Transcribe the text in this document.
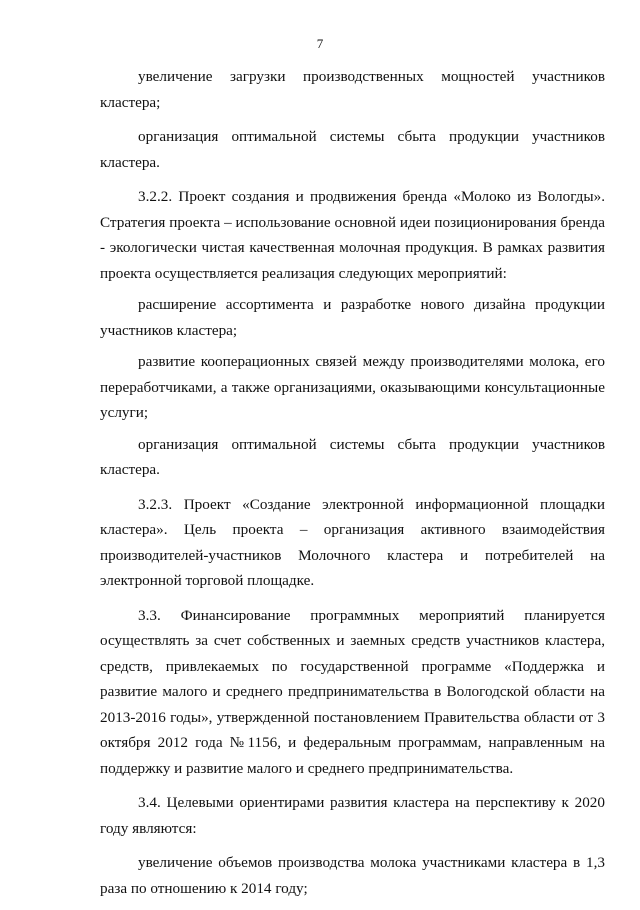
7

увеличение загрузки производственных мощностей участников кластера;

организация оптимальной системы сбыта продукции участников кластера.

3.2.2. Проект создания и продвижения бренда «Молоко из Вологды». Стратегия проекта – использование основной идеи позиционирования бренда - экологически чистая качественная молочная продукция. В рамках развития проекта осуществляется реализация следующих мероприятий:

расширение ассортимента и разработке нового дизайна продукции участников кластера;

развитие кооперационных связей между производителями молока, его переработчиками, а также организациями, оказывающими консультационные услуги;

организация оптимальной системы сбыта продукции участников кластера.

3.2.3. Проект «Создание электронной информационной площадки кластера». Цель проекта – организация активного взаимодействия производителей-участников Молочного кластера и потребителей на электронной торговой площадке.

3.3. Финансирование программных мероприятий планируется осуществлять за счет собственных и заемных средств участников кластера, средств, привлекаемых по государственной программе «Поддержка и развитие малого и среднего предпринимательства в Вологодской области на 2013-2016 годы», утвержденной постановлением Правительства области от 3 октября 2012 года №1156, и федеральным программам, направленным на поддержку и развитие малого и среднего предпринимательства.

3.4. Целевыми ориентирами развития кластера на перспективу к 2020 году являются:

увеличение объемов производства молока участниками кластера в 1,3 раза по отношению к 2014 году;
